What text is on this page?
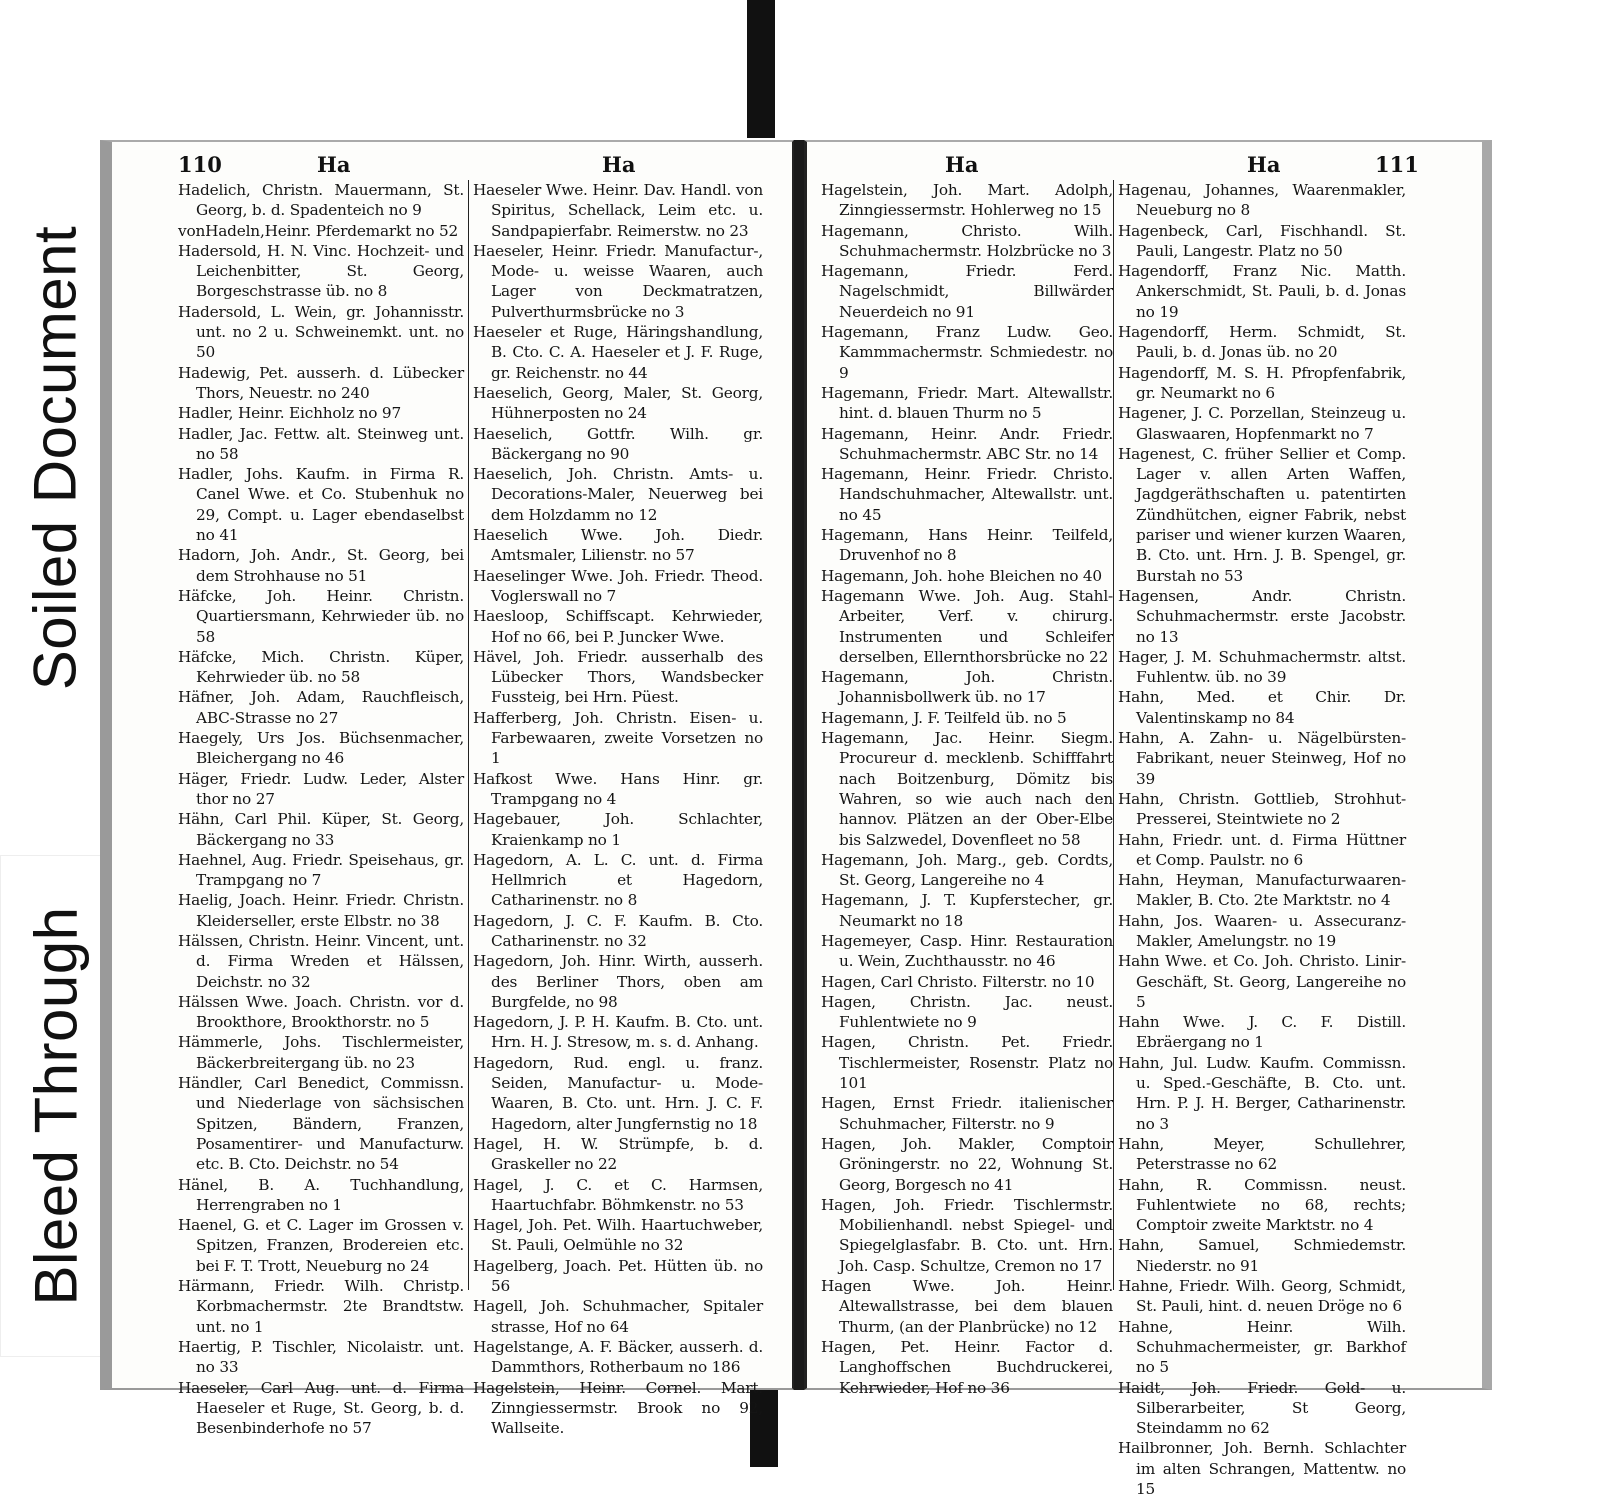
Soiled Document
Bleed Through
110	Ha	Ha
Hadelich, Christn. Mauermann, St. Georg, b. d. Spadenteich no 9
vonHadeln,Heinr. Pferdemarkt no 52
Hadersold, H. N. Vinc. Hochzeit- und Leichenbitter, St. Georg, Borgeschstrasse üb. no 8
Hadersold, L. Wein, gr. Johannisstr. unt. no 2 u. Schweinemkt. unt. no 50
Hadewig, Pet. ausserh. d. Lübecker Thors, Neuestr. no 240
Hadler, Heinr. Eichholz no 97
Hadler, Jac. Fettw. alt. Steinweg unt. no 58
Hadler, Johs. Kaufm. in Firma R. Canel Wwe. et Co. Stubenhuk no 29, Compt. u. Lager ebendaselbst no 41
Hadorn, Joh. Andr., St. Georg, bei dem Strohhause no 51
Häfcke, Joh. Heinr. Christn. Quartiersmann, Kehrwieder üb. no 58
Häfcke, Mich. Christn. Küper, Kehrwieder üb. no 58
Häfner, Joh. Adam, Rauchfleisch, ABC-Strasse no 27
Haegely, Urs Jos. Büchsenmacher, Bleichergang no 46
Häger, Friedr. Ludw. Leder, Alster thor no 27
Hähn, Carl Phil. Küper, St. Georg, Bäckergang no 33
Haehnel, Aug. Friedr. Speisehaus, gr. Trampgang no 7
Haelig, Joach. Heinr. Friedr. Christn. Kleiderseller, erste Elbstr. no 38
Hälssen, Christn. Heinr. Vincent, unt. d. Firma Wreden et Hälssen, Deichstr. no 32
Hälssen Wwe. Joach. Christn. vor d. Brookthore, Brookthorstr. no 5
Hämmerle, Johs. Tischlermeister, Bäckerbreitergang üb. no 23
Händler, Carl Benedict, Commissn. und Niederlage von sächsischen Spitzen, Bändern, Franzen, Posamentirer- und Manufacturw. etc. B. Cto. Deichstr. no 54
Hänel, B. A. Tuchhandlung, Herrengraben no 1
Haenel, G. et C. Lager im Grossen v. Spitzen, Franzen, Brodereien etc. bei F. T. Trott, Neueburg no 24
Härmann, Friedr. Wilh. Christp. Korbmachermstr. 2te Brandtstw. unt. no 1
Haertig, P. Tischler, Nicolaistr. unt. no 33
Haeseler, Carl Aug. unt. d. Firma Haeseler et Ruge, St. Georg, b. d. Besenbinderhofe no 57
Haeseler Wwe. Heinr. Dav. Handl. von Spiritus, Schellack, Leim etc. u. Sandpapierfabr. Reimerstw. no 23
Haeseler, Heinr. Friedr. Manufactur-, Mode- u. weisse Waaren, auch Lager von Deckmatratzen, Pulverthurmsbrücke no 3
Haeseler et Ruge, Häringshandlung, B. Cto. C. A. Haeseler et J. F. Ruge, gr. Reichenstr. no 44
Haeselich, Georg, Maler, St. Georg, Hühnerposten no 24
Haeselich, Gottfr. Wilh. gr. Bäckergang no 90
Haeselich, Joh. Christn. Amts- u. Decorations-Maler, Neuerweg bei dem Holzdamm no 12
Haeselich Wwe. Joh. Diedr. Amtsmaler, Lilienstr. no 57
Haeselinger Wwe. Joh. Friedr. Theod. Voglerswall no 7
Haesloop, Schiffscapt. Kehrwieder, Hof no 66, bei P. Juncker Wwe.
Hävel, Joh. Friedr. ausserhalb des Lübecker Thors, Wandsbecker Fussteig, bei Hrn. Püest.
Hafferberg, Joh. Christn. Eisen- u. Farbewaaren, zweite Vorsetzen no 1
Hafkost Wwe. Hans Hinr. gr. Trampgang no 4
Hagebauer, Joh. Schlachter, Kraienkamp no 1
Hagedorn, A. L. C. unt. d. Firma Hellmrich et Hagedorn, Catharinenstr. no 8
Hagedorn, J. C. F. Kaufm. B. Cto. Catharinenstr. no 32
Hagedorn, Joh. Hinr. Wirth, ausserh. des Berliner Thors, oben am Burgfelde, no 98
Hagedorn, J. P. H. Kaufm. B. Cto. unt. Hrn. H. J. Stresow, m. s. d. Anhang.
Hagedorn, Rud. engl. u. franz. Seiden, Manufactur- u. Mode-Waaren, B. Cto. unt. Hrn. J. C. F. Hagedorn, alter Jungfernstig no 18
Hagel, H. W. Strümpfe, b. d. Graskeller no 22
Hagel, J. C. et C. Harmsen, Haartuchfabr. Böhmkenstr. no 53
Hagel, Joh. Pet. Wilh. Haartuchweber, St. Pauli, Oelmühle no 32
Hagelberg, Joach. Pet. Hütten üb. no 56
Hagell, Joh. Schuhmacher, Spitaler strasse, Hof no 64
Hagelstange, A. F. Bäcker, ausserh. d. Dammthors, Rotherbaum no 186
Hagelstein, Heinr. Cornel. Mart. Zinngiessermstr. Brook no 92, Wallseite.
Ha	Ha	111
Hagelstein, Joh. Mart. Adolph, Zinngiessermstr. Hohlerweg no 15
Hagemann, Christo. Wilh. Schuhmachermstr. Holzbrücke no 3
Hagemann, Friedr. Ferd. Nagelschmidt, Billwärder Neuerdeich no 91
Hagemann, Franz Ludw. Geo. Kammmachermstr. Schmiedestr. no 9
Hagemann, Friedr. Mart. Altewallstr. hint. d. blauen Thurm no 5
Hagemann, Heinr. Andr. Friedr. Schuhmachermstr. ABC Str. no 14
Hagemann, Heinr. Friedr. Christo. Handschuhmacher, Altewallstr. unt. no 45
Hagemann, Hans Heinr. Teilfeld, Druvenhof no 8
Hagemann, Joh. hohe Bleichen no 40
Hagemann Wwe. Joh. Aug. Stahl-Arbeiter, Verf. v. chirurg. Instrumenten und Schleifer derselben, Ellernthorsbrücke no 22
Hagemann, Joh. Christn. Johannisbollwerk üb. no 17
Hagemann, J. F. Teilfeld üb. no 5
Hagemann, Jac. Heinr. Siegm. Procureur d. mecklenb. Schifffahrt nach Boitzenburg, Dömitz bis Wahren, so wie auch nach den hannov. Plätzen an der Ober-Elbe bis Salzwedel, Dovenfleet no 58
Hagemann, Joh. Marg., geb. Cordts, St. Georg, Langereihe no 4
Hagemann, J. T. Kupferstecher, gr. Neumarkt no 18
Hagemeyer, Casp. Hinr. Restauration u. Wein, Zuchthausstr. no 46
Hagen, Carl Christo. Filterstr. no 10
Hagen, Christn. Jac. neust. Fuhlentwiete no 9
Hagen, Christn. Pet. Friedr. Tischlermeister, Rosenstr. Platz no 101
Hagen, Ernst Friedr. italienischer Schuhmacher, Filterstr. no 9
Hagen, Joh. Makler, Comptoir Gröningerstr. no 22, Wohnung St. Georg, Borgesch no 41
Hagen, Joh. Friedr. Tischlermstr. Mobilienhandl. nebst Spiegel- und Spiegelglasfabr. B. Cto. unt. Hrn. Joh. Casp. Schultze, Cremon no 17
Hagen Wwe. Joh. Heinr. Altewallstrasse, bei dem blauen Thurm, (an der Planbrücke) no 12
Hagen, Pet. Heinr. Factor d. Langhoffschen Buchdruckerei, Kehrwieder, Hof no 36
Hagenau, Johannes, Waarenmakler, Neueburg no 8
Hagenbeck, Carl, Fischhandl. St. Pauli, Langestr. Platz no 50
Hagendorff, Franz Nic. Matth. Ankerschmidt, St. Pauli, b. d. Jonas no 19
Hagendorff, Herm. Schmidt, St. Pauli, b. d. Jonas üb. no 20
Hagendorff, M. S. H. Pfropfenfabrik, gr. Neumarkt no 6
Hagener, J. C. Porzellan, Steinzeug u. Glaswaaren, Hopfenmarkt no 7
Hagenest, C. früher Sellier et Comp. Lager v. allen Arten Waffen, Jagdgeräthschaften u. patentirten Zündhütchen, eigner Fabrik, nebst pariser und wiener kurzen Waaren, B. Cto. unt. Hrn. J. B. Spengel, gr. Burstah no 53
Hagensen, Andr. Christn. Schuhmachermstr. erste Jacobstr. no 13
Hager, J. M. Schuhmachermstr. altst. Fuhlentw. üb. no 39
Hahn, Med. et Chir. Dr. Valentinskamp no 84
Hahn, A. Zahn- u. Nägelbürsten-Fabrikant, neuer Steinweg, Hof no 39
Hahn, Christn. Gottlieb, Strohhut-Presserei, Steintwiete no 2
Hahn, Friedr. unt. d. Firma Hüttner et Comp. Paulstr. no 6
Hahn, Heyman, Manufacturwaaren-Makler, B. Cto. 2te Marktstr. no 4
Hahn, Jos. Waaren- u. Assecuranz-Makler, Amelungstr. no 19
Hahn Wwe. et Co. Joh. Christo. Linir-Geschäft, St. Georg, Langereihe no 5
Hahn Wwe. J. C. F. Distill. Ebräergang no 1
Hahn, Jul. Ludw. Kaufm. Commissn. u. Sped.-Geschäfte, B. Cto. unt. Hrn. P. J. H. Berger, Catharinenstr. no 3
Hahn, Meyer, Schullehrer, Peterstrasse no 62
Hahn, R. Commissn. neust. Fuhlentwiete no 68, rechts; Comptoir zweite Marktstr. no 4
Hahn, Samuel, Schmiedemstr. Niederstr. no 91
Hahne, Friedr. Wilh. Georg, Schmidt, St. Pauli, hint. d. neuen Dröge no 6
Hahne, Heinr. Wilh. Schuhmachermeister, gr. Barkhof no 5
Haidt, Joh. Friedr. Gold- u. Silberarbeiter, St Georg, Steindamm no 62
Hailbronner, Joh. Bernh. Schlachter im alten Schrangen, Mattentw. no 15
